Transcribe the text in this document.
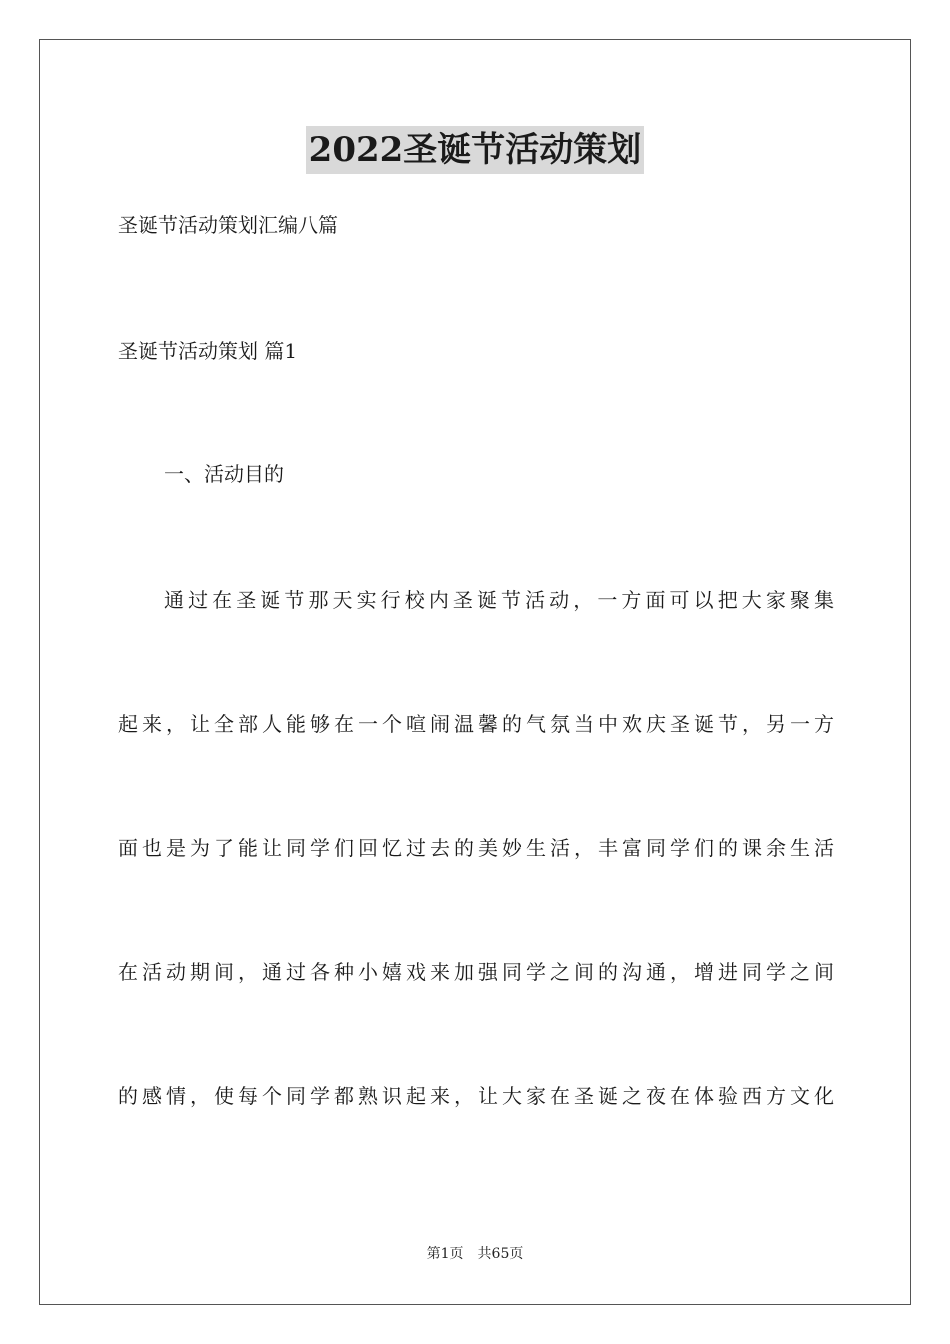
2022圣诞节活动策划

圣诞节活动策划汇编八篇

圣诞节活动策划 篇1

一、活动目的

通过在圣诞节那天实行校内圣诞节活动，一方面可以把大家聚集

起来，让全部人能够在一个喧闹温馨的气氛当中欢庆圣诞节，另一方

面也是为了能让同学们回忆过去的美妙生活，丰富同学们的课余生活

在活动期间，通过各种小嬉戏来加强同学之间的沟通，增进同学之间

的感情，使每个同学都熟识起来，让大家在圣诞之夜在体验西方文化

第1页 共65页
